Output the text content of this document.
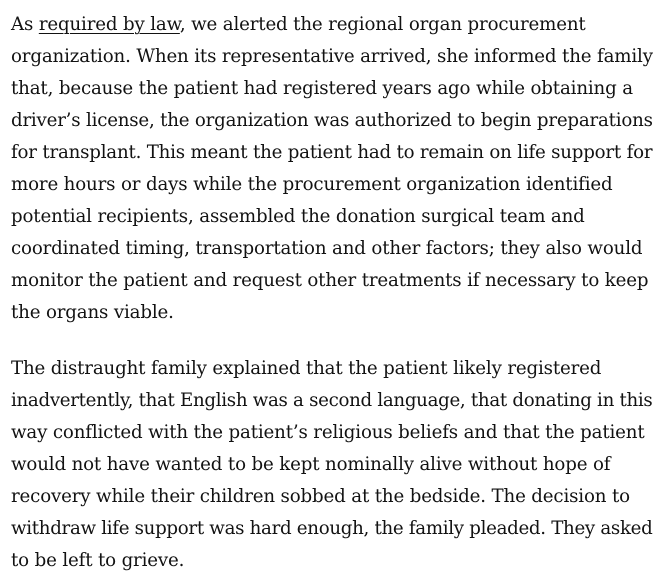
As required by law, we alerted the regional organ procurement
organization. When its representative arrived, she informed the family
that, because the patient had registered years ago while obtaining a
driver’s license, the organization was authorized to begin preparations
for transplant. This meant the patient had to remain on life support for
more hours or days while the procurement organization identified
potential recipients, assembled the donation surgical team and
coordinated timing, transportation and other factors; they also would
monitor the patient and request other treatments if necessary to keep
the organs viable.

The distraught family explained that the patient likely registered
inadvertently, that English was a second language, that donating in this
way conflicted with the patient’s religious beliefs and that the patient
would not have wanted to be kept nominally alive without hope of
recovery while their children sobbed at the bedside. The decision to
withdraw life support was hard enough, the family pleaded. They asked
to be left to grieve.
